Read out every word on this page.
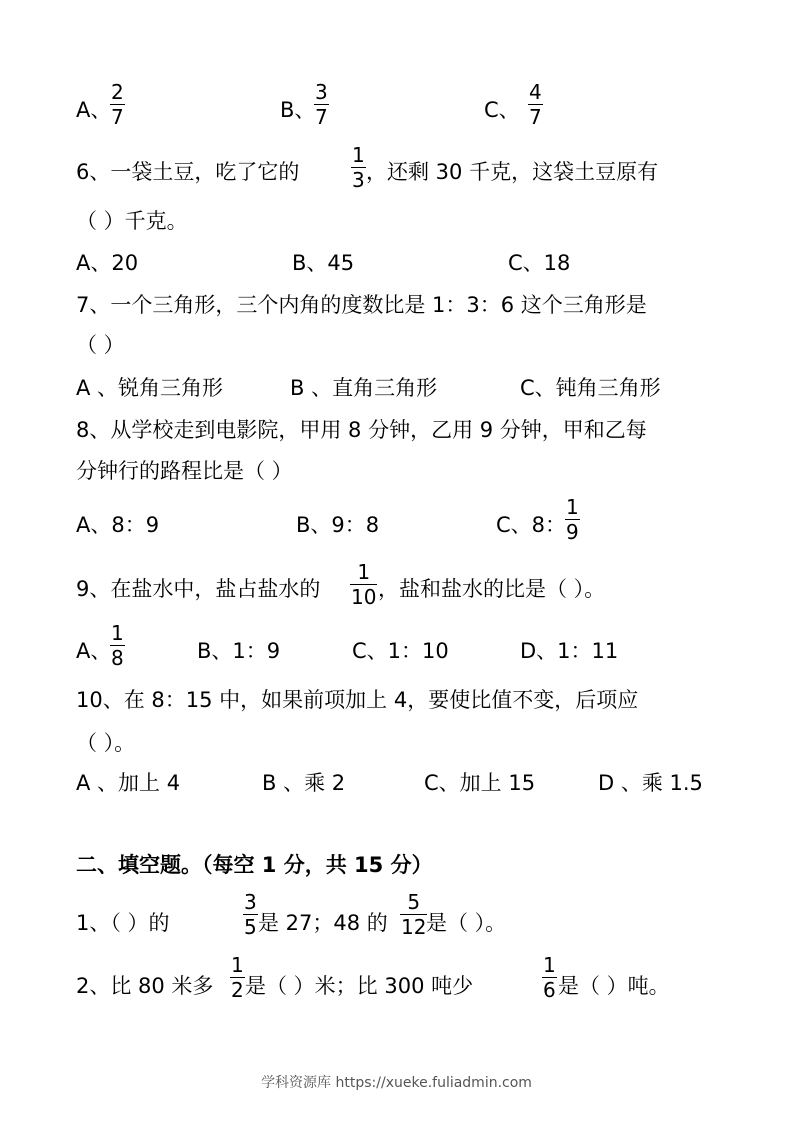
A、
2
7	B、
3
7	C、
4
7
6、一袋土豆，吃了它的
1
3 ，还剩 30 千克，这袋土豆原有
（ ）千克。
A、20	B、45	C、18
7、一个三角形，三个内角的度数比是 1：3：6 这个三角形是
（ ）
A 、锐角三角形	B 、直角三角形	C、钝角三角形
8、从学校走到电影院，甲用 8 分钟，乙用 9 分钟，甲和乙每
分钟行的路程比是（ ）
A、8：9	B、9：8	C、8：
1
9
9、在盐水中，盐占盐水的
1
10 ，盐和盐水的比是（ ）。
A、
1
8	B、1：9	C、1：10	D、1：11
10、在 8：15 中，如果前项加上 4，要使比值不变，后项应
（ ）。
A 、加上 4	B 、乘 2	C、加上 15	D 、乘 1.5
二、填空题。（每空 1 分，共 15 分）
1、（ ）的
3
5 是 27；48 的
5
12 是（ ）。
2、比 80 米多
1
2 是（ ）米；比 300 吨少
1
6 是（ ）吨。
学科资源库 https://xueke.fuliadmin.com
